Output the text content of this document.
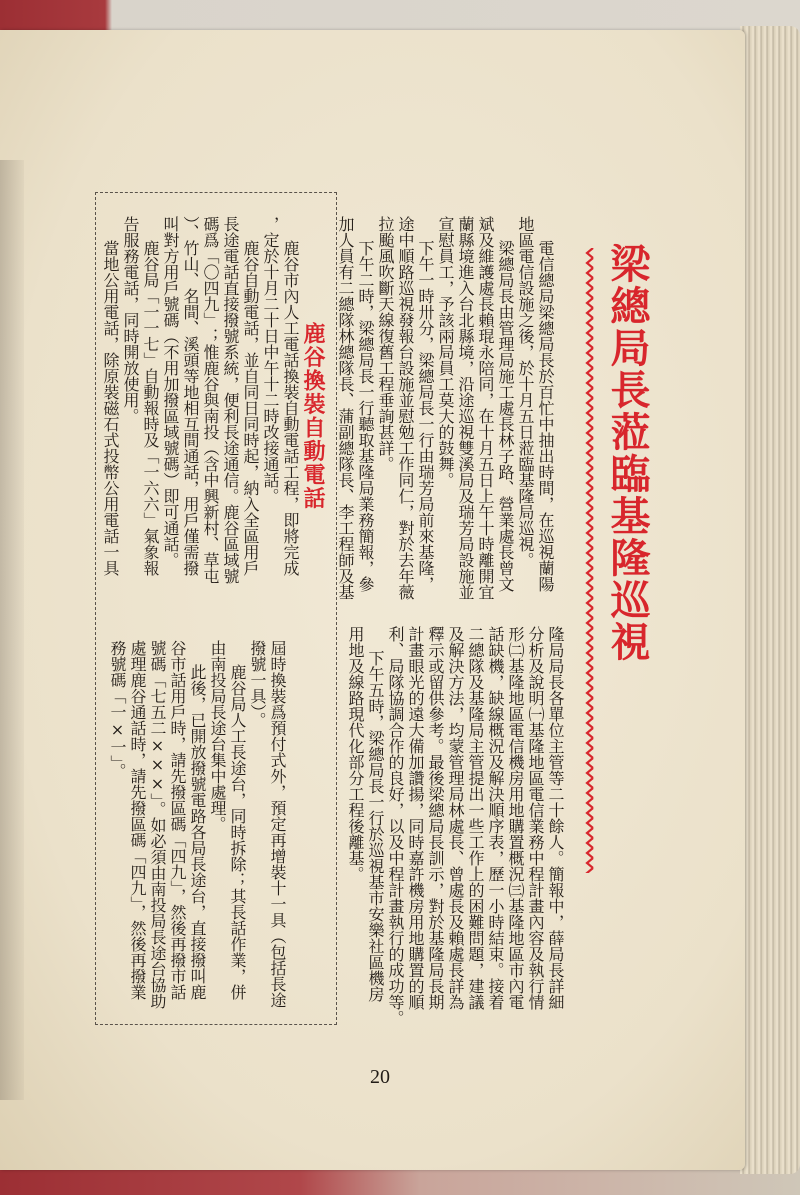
梁總局長蒞臨基隆巡視
電信總局梁總局長於百忙中抽出時間，在巡視蘭陽
地區電信設施之後，於十月五日蒞臨基隆局巡視。
梁總局長由管理局施工處長林子路、營業處長曾文
斌及維護處長賴琨永陪同，在十月五日上午十時離開宜
蘭縣境進入台北縣境，沿途巡視雙溪局及瑞芳局設施並
宣慰員工，予該兩局員工莫大的鼓舞。
下午一時卅分，梁總局長一行由瑞芳局前來基隆，
途中順路巡視發報台設施並慰勉工作同仁，對於去年薇
拉颱風吹斷天線復舊工程垂詢甚詳。
下午二時，梁總局長一行聽取基隆局業務簡報，參
加人員有二總隊林總隊長、蒲副總隊長、李工程師及基
隆局局長各單位主管等二十餘人。簡報中，薛局長詳細
分析及說明㈠基隆地區電信業務中程計畫內容及執行情
形㈡基隆地區電信機房用地購置概況㈢基隆地區市內電
話缺機，缺線概況及解決順序表，歷一小時結束。接着
二總隊及基隆局主管提出一些工作上的困難問題，建議
及解決方法，均蒙管理局林處長、曾處長及賴處長詳為
釋示或留供參考。最後梁總局長訓示，對於基隆局長期
計畫眼光的遠大備加讚揚，同時嘉許機房用地購置的順
利、局隊協調合作的良好，以及中程計畫執行的成功等。
下午五時，梁總局長一行於巡視基市安樂社區機房
用地及線路現代化部分工程後離基。
鹿谷換裝自動電話
鹿谷市內人工電話換裝自動電話工程，即將完成
，定於十月二十日中午十二時改接通話。
鹿谷自動電話，並自同日同時起，納入全區用戶
長途電話直接撥號系統，便利長途通信。鹿谷區域號
碼爲「〇四九」；惟鹿谷與南投（含中興新村、草屯
）、竹山、名間、溪頭等地相互間通話，用戶僅需撥
叫對方用戶號碼（不用加撥區域號碼）即可通話。
鹿谷局「一一七」自動報時及「一六六」氣象報
告服務電話，同時開放使用。
當地公用電話，除原裝磁石式投幣公用電話一具
屆時換裝爲預付式外，預定再增裝十一具（包括長途
撥號一具）。
鹿谷局人工長途台，同時拆除；其長話作業，併
由南投局長途台集中處理。
此後，已開放撥號電路各局長途台，直接撥叫鹿
谷市話用戶時，請先撥區碼「四九」，然後再撥市話
號碼「七五二×××」。如必須由南投局長途台協助
處理鹿谷通話時，請先撥區碼「四九」，然後再撥業
務號碼「一×一」。
20
